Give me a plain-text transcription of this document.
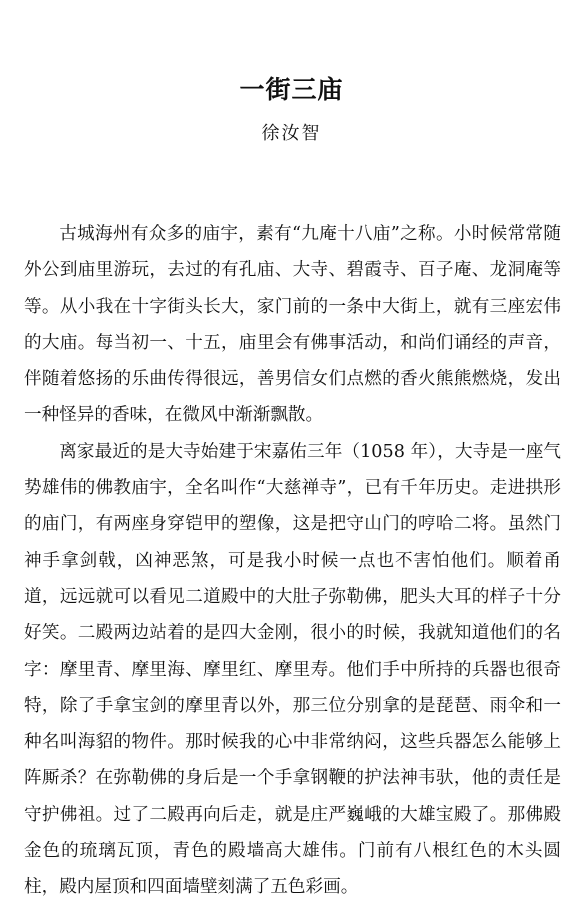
一街三庙
徐汝智

古城海州有众多的庙宇，素有“九庵十八庙”之称。小时候常常随外公到庙里游玩，去过的有孔庙、大寺、碧霞寺、百子庵、龙洞庵等等。从小我在十字街头长大，家门前的一条中大街上，就有三座宏伟的大庙。每当初一、十五，庙里会有佛事活动，和尚们诵经的声音，伴随着悠扬的乐曲传得很远，善男信女们点燃的香火熊熊燃烧，发出一种怪异的香味，在微风中渐渐飘散。

离家最近的是大寺始建于宋嘉佑三年（1058 年），大寺是一座气势雄伟的佛教庙宇，全名叫作“大慈禅寺”，已有千年历史。走进拱形的庙门，有两座身穿铠甲的塑像，这是把守山门的哼哈二将。虽然门神手拿剑戟，凶神恶煞，可是我小时候一点也不害怕他们。顺着甬道，远远就可以看见二道殿中的大肚子弥勒佛，肥头大耳的样子十分好笑。二殿两边站着的是四大金刚，很小的时候，我就知道他们的名字：摩里青、摩里海、摩里红、摩里寿。他们手中所持的兵器也很奇特，除了手拿宝剑的摩里青以外，那三位分别拿的是琵琶、雨伞和一种名叫海貂的物件。那时候我的心中非常纳闷，这些兵器怎么能够上阵厮杀？在弥勒佛的身后是一个手拿钢鞭的护法神韦驮，他的责任是守护佛祖。过了二殿再向后走，就是庄严巍峨的大雄宝殿了。那佛殿金色的琉璃瓦顶，青色的殿墙高大雄伟。门前有八根红色的木头圆柱，殿内屋顶和四面墙壁刻满了五色彩画。
